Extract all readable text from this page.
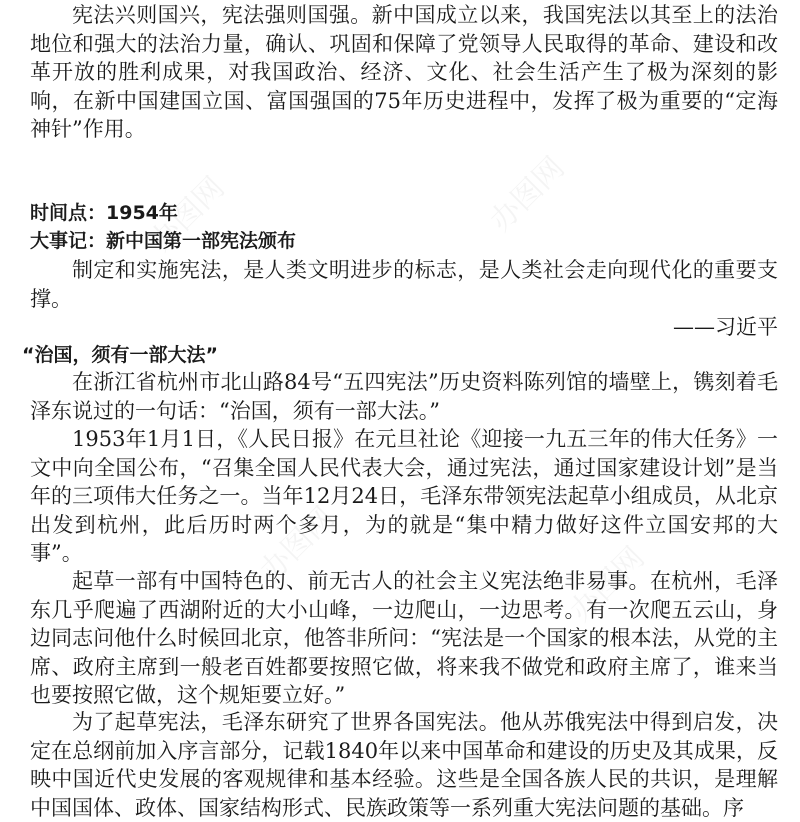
宪法兴则国兴，宪法强则国强。新中国成立以来，我国宪法以其至上的法治地位和强大的法治力量，确认、巩固和保障了党领导人民取得的革命、建设和改革开放的胜利成果，对我国政治、经济、文化、社会生活产生了极为深刻的影响，在新中国建国立国、富国强国的75年历史进程中，发挥了极为重要的“定海神针”作用。

时间点：1954年

大事记：新中国第一部宪法颁布

制定和实施宪法，是人类文明进步的标志，是人类社会走向现代化的重要支撑。

——习近平

“治国，须有一部大法”

在浙江省杭州市北山路84号“五四宪法”历史资料陈列馆的墙壁上，镌刻着毛泽东说过的一句话：“治国，须有一部大法。”

1953年1月1日，《人民日报》在元旦社论《迎接一九五三年的伟大任务》一文中向全国公布，“召集全国人民代表大会，通过宪法，通过国家建设计划”是当年的三项伟大任务之一。当年12月24日，毛泽东带领宪法起草小组成员，从北京出发到杭州，此后历时两个多月，为的就是“集中精力做好这件立国安邦的大事”。

起草一部有中国特色的、前无古人的社会主义宪法绝非易事。在杭州，毛泽东几乎爬遍了西湖附近的大小山峰，一边爬山，一边思考。有一次爬五云山，身边同志问他什么时候回北京，他答非所问：“宪法是一个国家的根本法，从党的主席、政府主席到一般老百姓都要按照它做，将来我不做党和政府主席了，谁来当也要按照它做，这个规矩要立好。”

为了起草宪法，毛泽东研究了世界各国宪法。他从苏俄宪法中得到启发，决定在总纲前加入序言部分，记载1840年以来中国革命和建设的历史及其成果，反映中国近代史发展的客观规律和基本经验。这些是全国各族人民的共识，是理解中国国体、政体、国家结构形式、民族政策等一系列重大宪法问题的基础。序
